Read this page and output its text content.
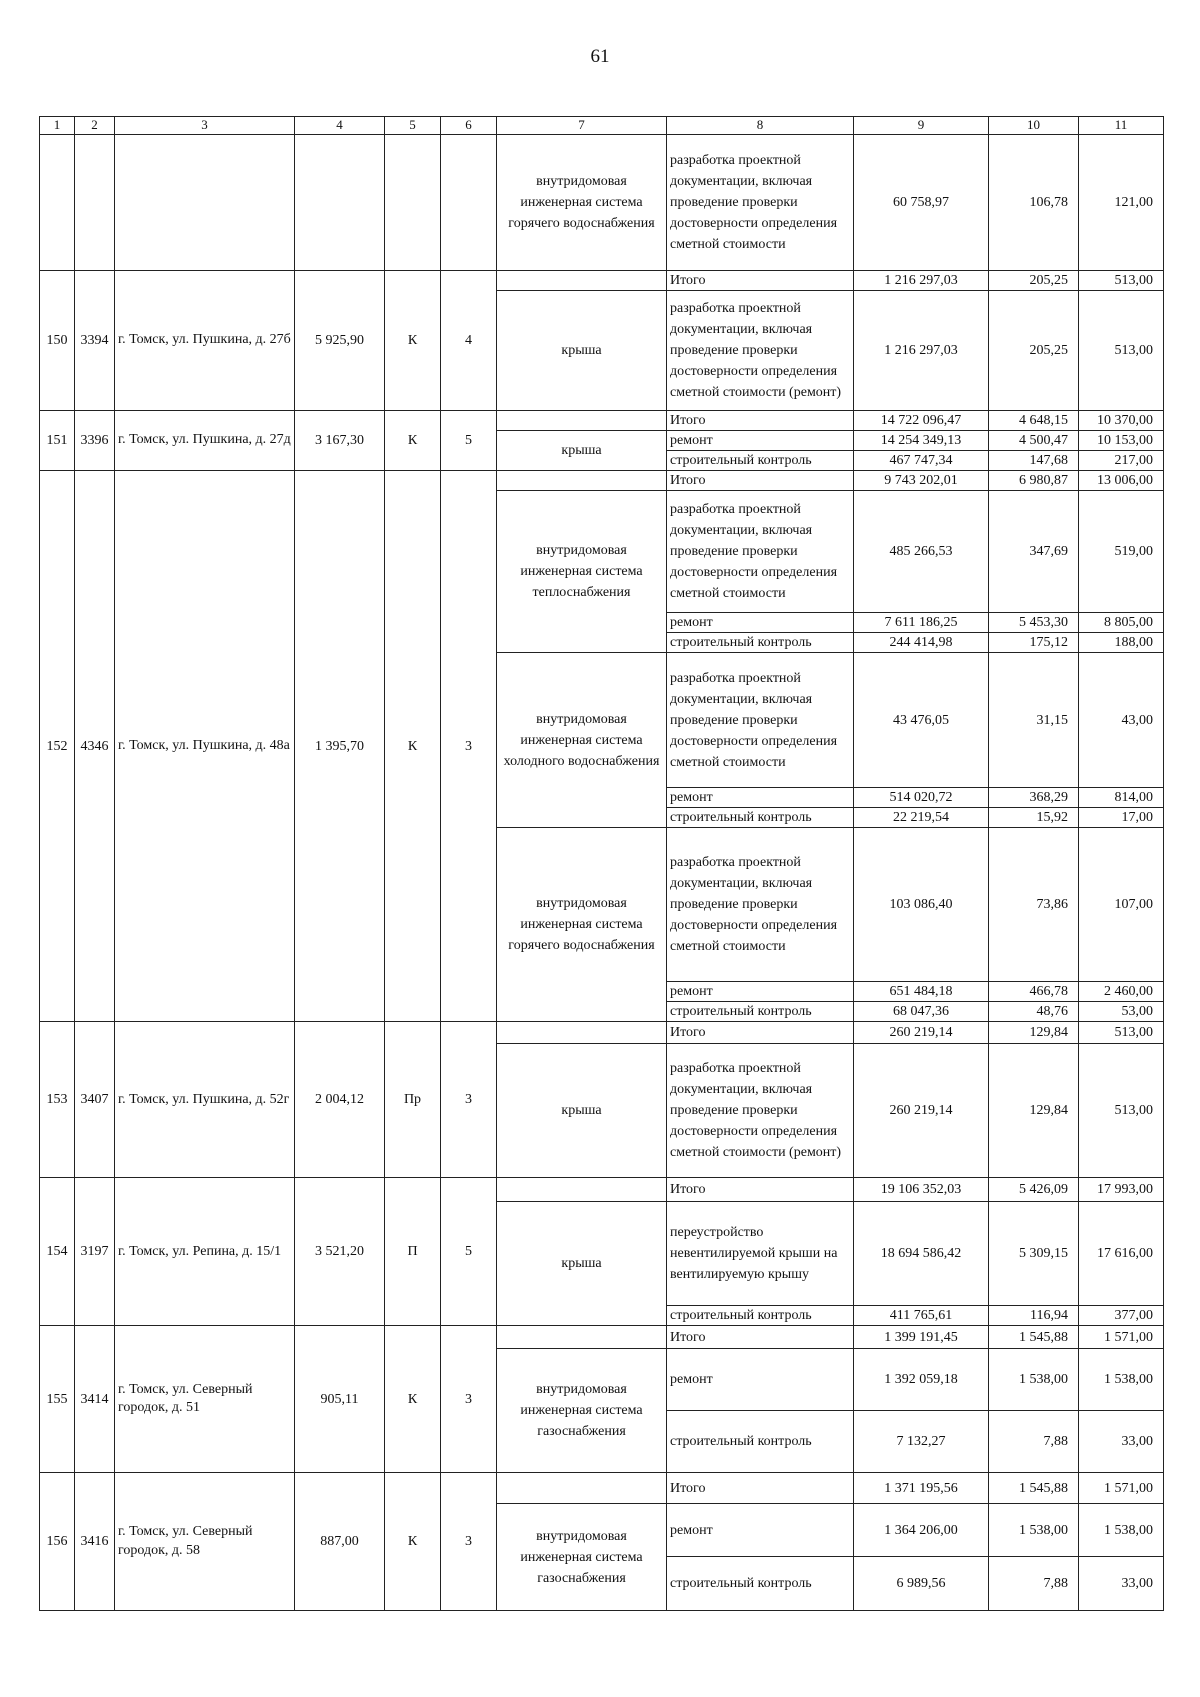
61
1	2	3	4	5	6	7	8	9	10	11
						внутридомовая инженерная система горячего водоснабжения	разработка проектной документации, включая проведение проверки достоверности определения сметной стоимости	60 758,97	106,78	121,00
150	3394	г. Томск, ул. Пушкина, д. 27б	5 925,90	К	4		Итого	1 216 297,03	205,25	513,00
						крыша	разработка проектной документации, включая проведение проверки достоверности определения сметной стоимости (ремонт)	1 216 297,03	205,25	513,00
151	3396	г. Томск, ул. Пушкина, д. 27д	3 167,30	К	5		Итого	14 722 096,47	4 648,15	10 370,00
						крыша	ремонт	14 254 349,13	4 500,47	10 153,00
							строительный контроль	467 747,34	147,68	217,00
152	4346	г. Томск, ул. Пушкина, д. 48а	1 395,70	К	3		Итого	9 743 202,01	6 980,87	13 006,00
						внутридомовая инженерная система теплоснабжения	разработка проектной документации, включая проведение проверки достоверности определения сметной стоимости	485 266,53	347,69	519,00
							ремонт	7 611 186,25	5 453,30	8 805,00
							строительный контроль	244 414,98	175,12	188,00
						внутридомовая инженерная система холодного водоснабжения	разработка проектной документации, включая проведение проверки достоверности определения сметной стоимости	43 476,05	31,15	43,00
							ремонт	514 020,72	368,29	814,00
							строительный контроль	22 219,54	15,92	17,00
						внутридомовая инженерная система горячего водоснабжения	разработка проектной документации, включая проведение проверки достоверности определения сметной стоимости	103 086,40	73,86	107,00
							ремонт	651 484,18	466,78	2 460,00
							строительный контроль	68 047,36	48,76	53,00
153	3407	г. Томск, ул. Пушкина, д. 52г	2 004,12	Пр	3		Итого	260 219,14	129,84	513,00
						крыша	разработка проектной документации, включая проведение проверки достоверности определения сметной стоимости (ремонт)	260 219,14	129,84	513,00
154	3197	г. Томск, ул. Репина, д. 15/1	3 521,20	П	5		Итого	19 106 352,03	5 426,09	17 993,00
						крыша	переустройство невентилируемой крыши на вентилируемую крышу	18 694 586,42	5 309,15	17 616,00
							строительный контроль	411 765,61	116,94	377,00
155	3414	г. Томск, ул. Северный городок, д. 51	905,11	К	3		Итого	1 399 191,45	1 545,88	1 571,00
						внутридомовая инженерная система газоснабжения	ремонт	1 392 059,18	1 538,00	1 538,00
							строительный контроль	7 132,27	7,88	33,00
156	3416	г. Томск, ул. Северный городок, д. 58	887,00	К	3		Итого	1 371 195,56	1 545,88	1 571,00
						внутридомовая инженерная система газоснабжения	ремонт	1 364 206,00	1 538,00	1 538,00
							строительный контроль	6 989,56	7,88	33,00
